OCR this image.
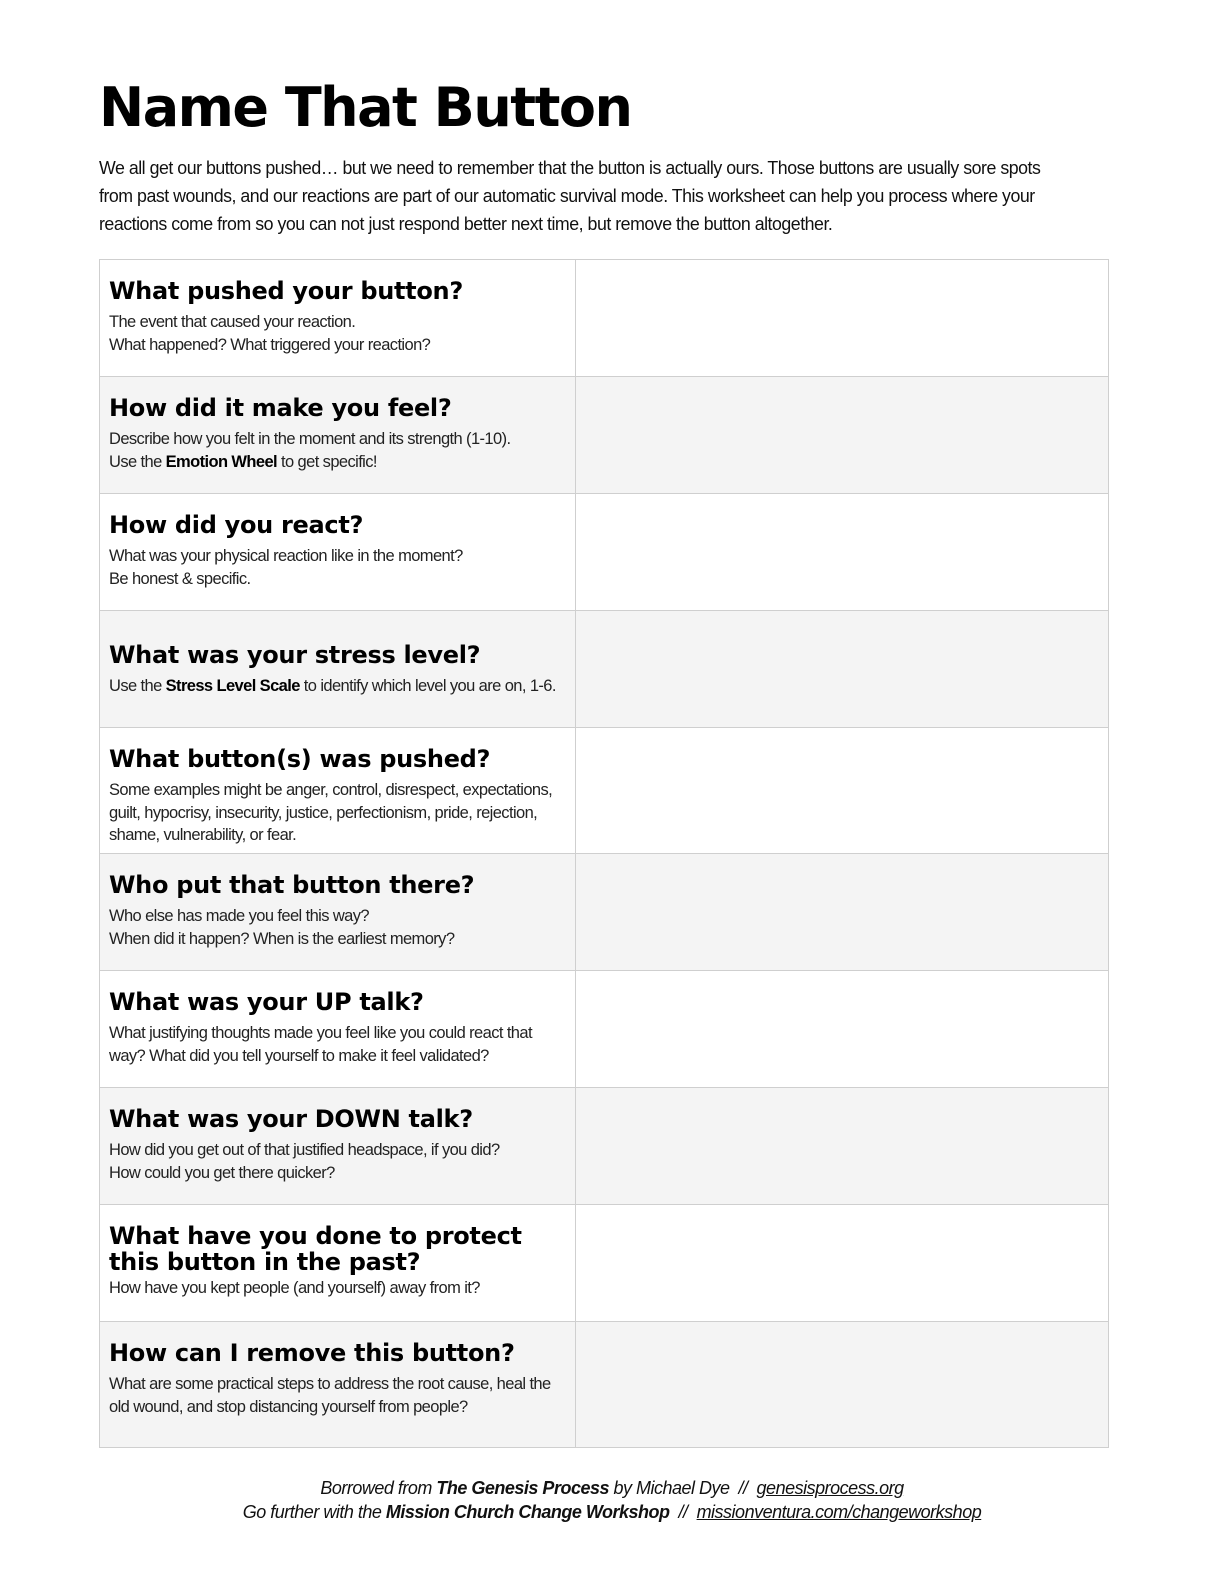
Name That Button

We all get our buttons pushed… but we need to remember that the button is actually ours. Those buttons are usually sore spots from past wounds, and our reactions are part of our automatic survival mode. This worksheet can help you process where your reactions come from so you can not just respond better next time, but remove the button altogether.

What pushed your button?

The event that caused your reaction.
What happened? What triggered your reaction?	

How did it make you feel?

Describe how you felt in the moment and its strength (1-10).
Use the Emotion Wheel to get specific!	

How did you react?

What was your physical reaction like in the moment?
Be honest & specific.	

What was your stress level?

Use the Stress Level Scale to identify which level you are on, 1-6.	

What button(s) was pushed?

Some examples might be anger, control, disrespect, expectations, guilt, hypocrisy, insecurity, justice, perfectionism, pride, rejection, shame, vulnerability, or fear.	

Who put that button there?

Who else has made you feel this way?
When did it happen? When is the earliest memory?	

What was your UP talk?

What justifying thoughts made you feel like you could react that way? What did you tell yourself to make it feel validated?	

What was your DOWN talk?

How did you get out of that justified headspace, if you did?
How could you get there quicker?	

What have you done to protect this button in the past?

How have you kept people (and yourself) away from it?	

How can I remove this button?

What are some practical steps to address the root cause, heal the old wound, and stop distancing yourself from people?	

Borrowed from The Genesis Process by Michael Dye  //  genesisprocess.org
Go further with the Mission Church Change Workshop  //  missionventura.com/changeworkshop
